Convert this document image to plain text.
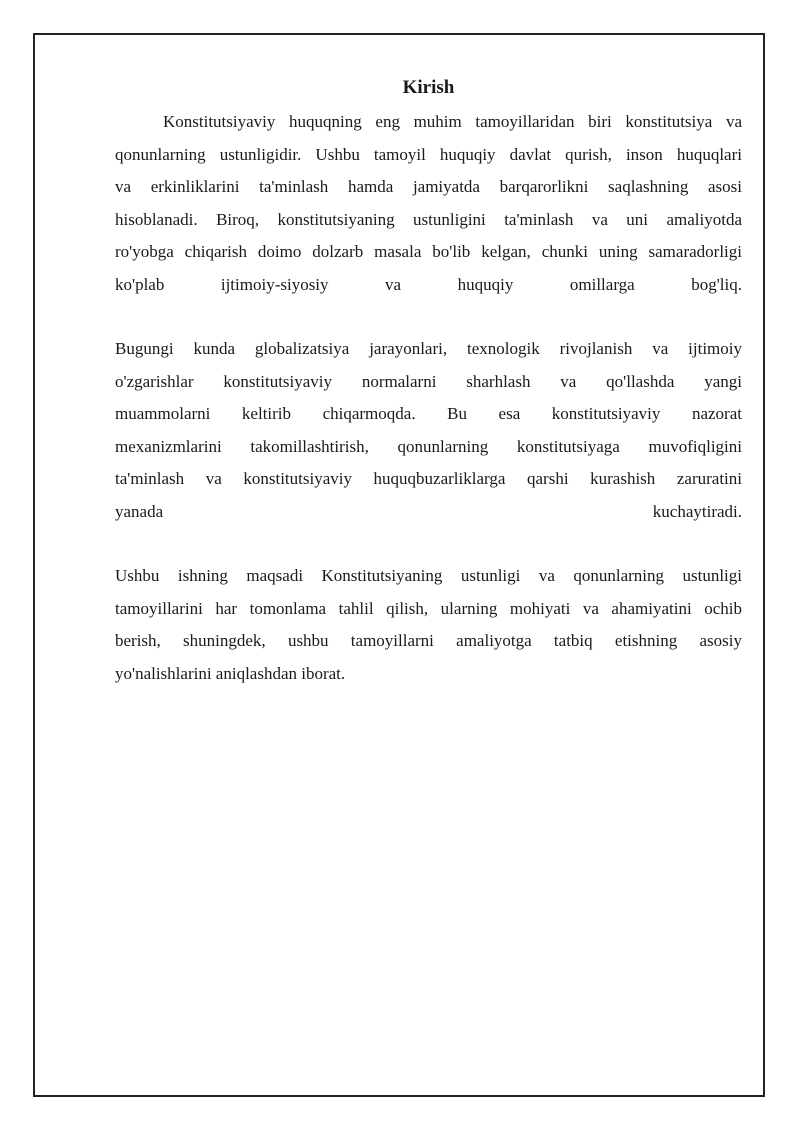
Kirish

Konstitutsiyaviy huquqning eng muhim tamoyillaridan biri konstitutsiya va
qonunlarning ustunligidir. Ushbu tamoyil huquqiy davlat qurish, inson huquqlari
va erkinliklarini ta'minlash hamda jamiyatda barqarorlikni saqlashning asosi
hisoblanadi. Biroq, konstitutsiyaning ustunligini ta'minlash va uni amaliyotda
ro'yobga chiqarish doimo dolzarb masala bo'lib kelgan, chunki uning samaradorligi
ko'plab ijtimoiy-siyosiy va huquqiy omillarga bog'liq.

Bugungi kunda globalizatsiya jarayonlari, texnologik rivojlanish va ijtimoiy
o'zgarishlar konstitutsiyaviy normalarni sharhlash va qo'llashda yangi
muammolarni keltirib chiqarmoqda. Bu esa konstitutsiyaviy nazorat
mexanizmlarini takomillashtirish, qonunlarning konstitutsiyaga muvofiqligini
ta'minlash va konstitutsiyaviy huquqbuzarliklarga qarshi kurashish zaruratini
yanada kuchaytiradi.

Ushbu ishning maqsadi Konstitutsiyaning ustunligi va qonunlarning ustunligi
tamoyillarini har tomonlama tahlil qilish, ularning mohiyati va ahamiyatini ochib
berish, shuningdek, ushbu tamoyillarni amaliyotga tatbiq etishning asosiy
yo'nalishlarini aniqlashdan iborat.
